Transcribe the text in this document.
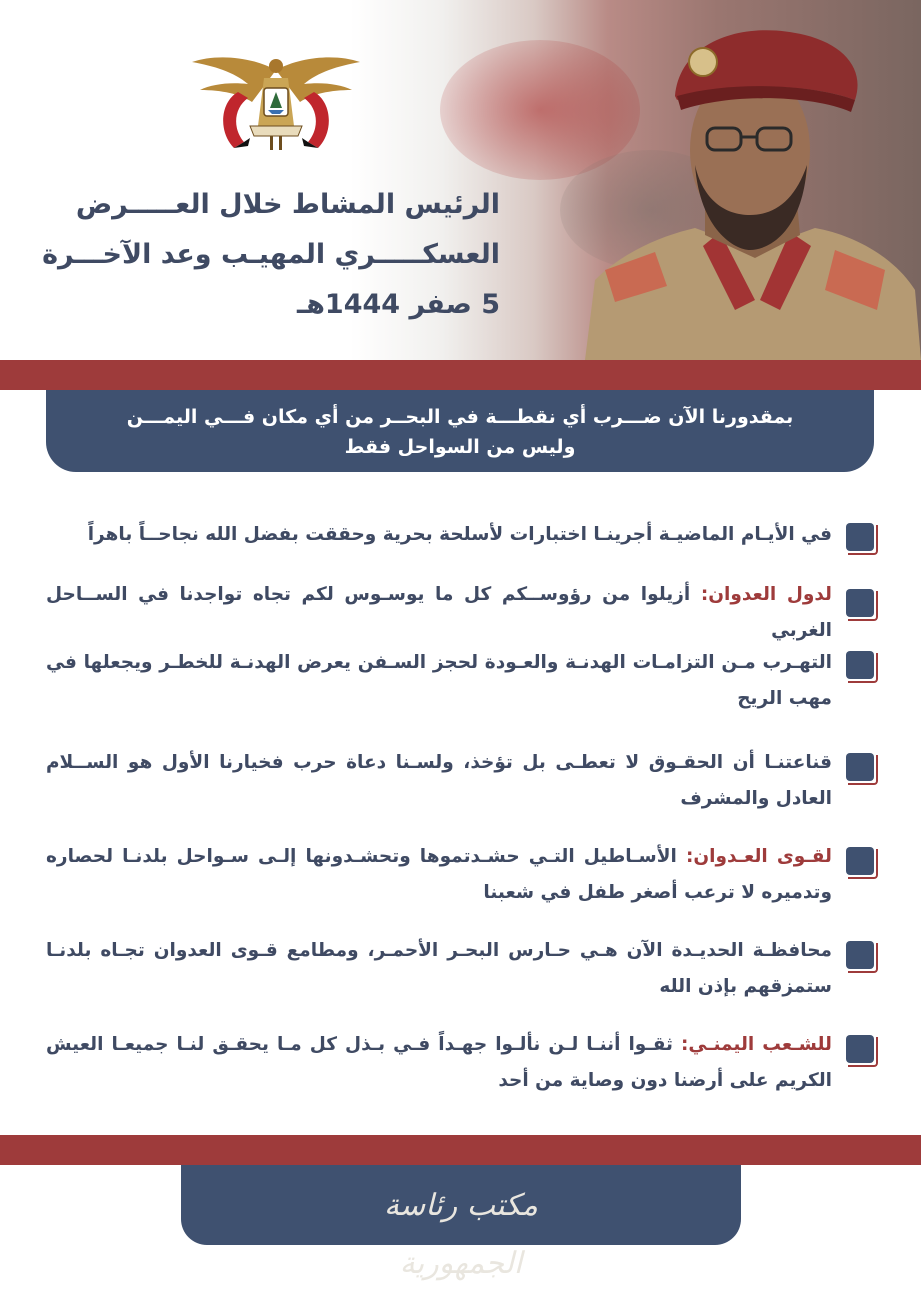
الرئيس المشاط خلال العـــــرض
العسكـــــري المهيـب وعد الآخـــرة
5 صفر 1444هـ
بمقدورنا الآن ضـــرب أي نقطـــة في البحــر من أي مكان فـــي اليمـــن
وليس من السواحل فقط
في الأيـام الماضيـة أجرينـا اختبارات لأسلحة بحرية وحققت بفضل الله نجاحــاً باهراً
لدول العدوان: أزيلوا من رؤوســكم كل ما يوسـوس لكم تجاه تواجدنا في الســاحل الغربي
التهـرب مـن التزامـات الهدنـة والعـودة لحجز السـفن يعرض الهدنـة للخطـر ويجعلها في مهب الريح
قناعتنـا أن الحقـوق لا تعطـى بل تؤخذ، ولسـنا دعاة حرب فخيارنا الأول هو الســلام العادل والمشرف
لقـوى العـدوان: الأسـاطيل التـي حشـدتموها وتحشـدونها إلـى سـواحل بلدنـا لحصاره وتدميره لا ترعب أصغر طفل في شعبنا
محافظـة الحديـدة الآن هـي حـارس البحـر الأحمـر، ومطامع قـوى العدوان تجـاه بلدنـا ستمزقهم بإذن الله
للشـعب اليمنـي: ثقـوا أننـا لـن نألـوا جهـداً فـي بـذل كل مـا يحقـق لنـا جميعـا العيش الكريم على أرضنا دون وصاية من أحد
مكتب رئاسة الجمهورية
